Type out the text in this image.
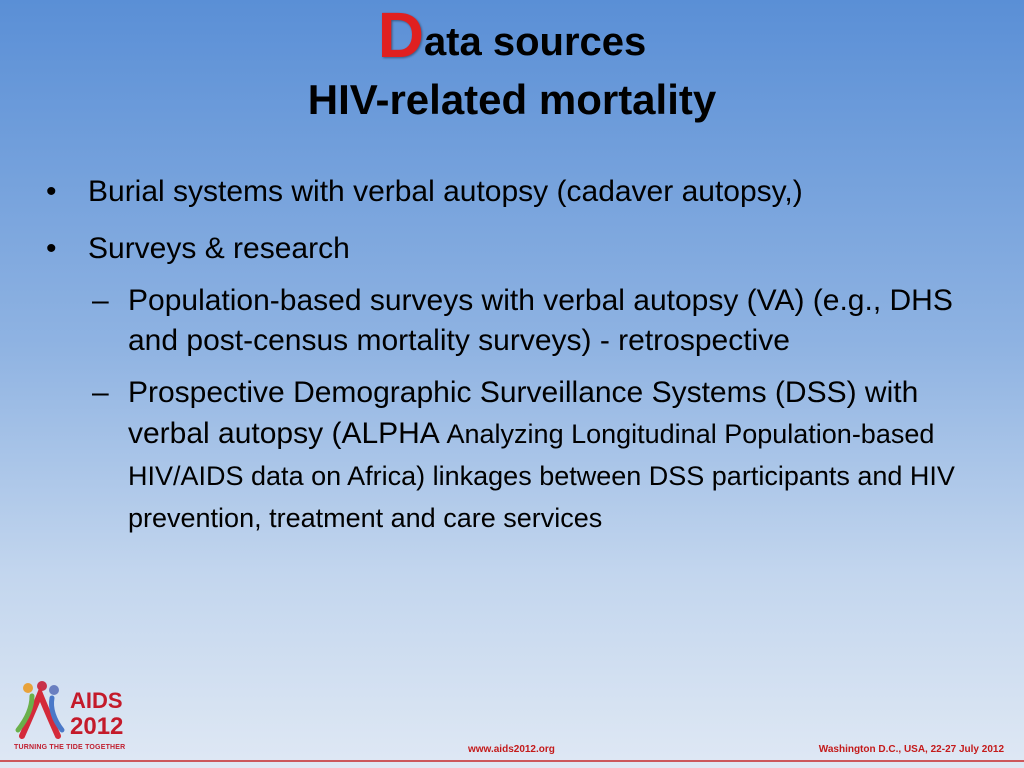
Data sources
HIV-related mortality
•	Burial systems with verbal autopsy (cadaver autopsy,)
•	Surveys & research
– Population-based surveys with verbal autopsy (VA) (e.g., DHS and post-census mortality surveys) - retrospective
– Prospective Demographic Surveillance Systems (DSS) with verbal autopsy (ALPHA Analyzing Longitudinal Population-based HIV/AIDS data on Africa) linkages between DSS participants and HIV prevention, treatment and care services
AIDS
2012
TURNING THE TIDE TOGETHER	www.aids2012.org	Washington D.C., USA, 22-27 July 2012
